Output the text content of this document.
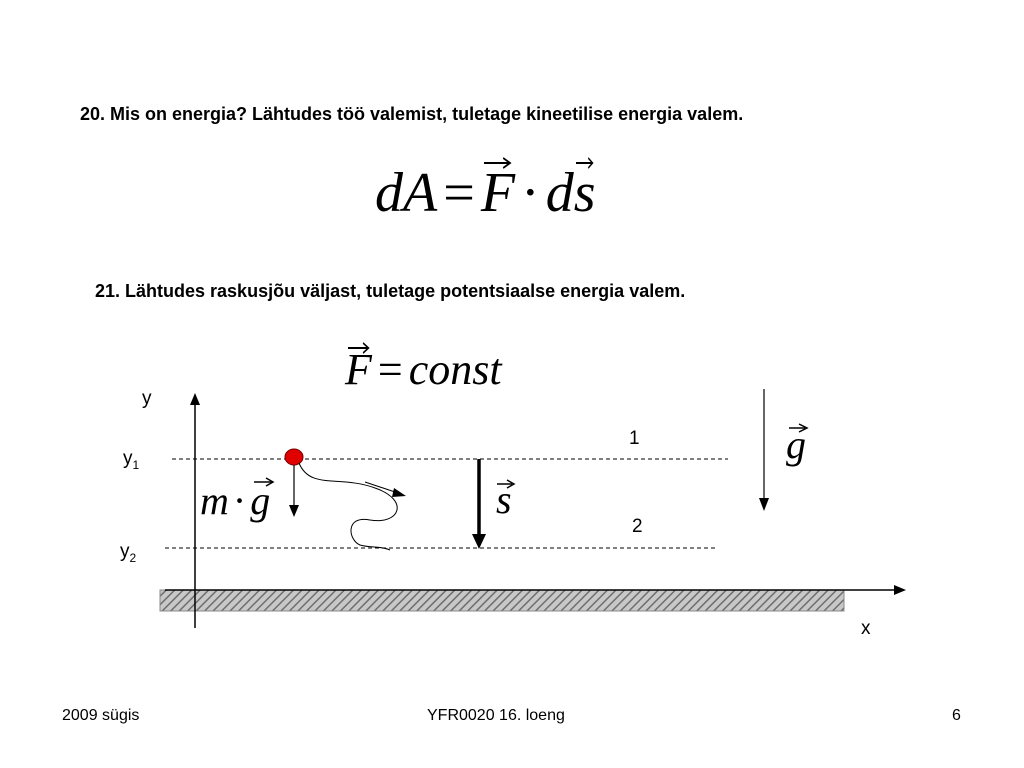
20. Mis on energia? Lähtudes töö valemist, tuletage kineetilise energia valem.
dA = F · d
s
21. Lähtudes raskusjõu väljast, tuletage potentsiaalse energia valem.
F = const
y
x
$y_1$
1
$y_2$
2
m · g	s
g
2009 sügis	YFR0020 16. loeng	6
